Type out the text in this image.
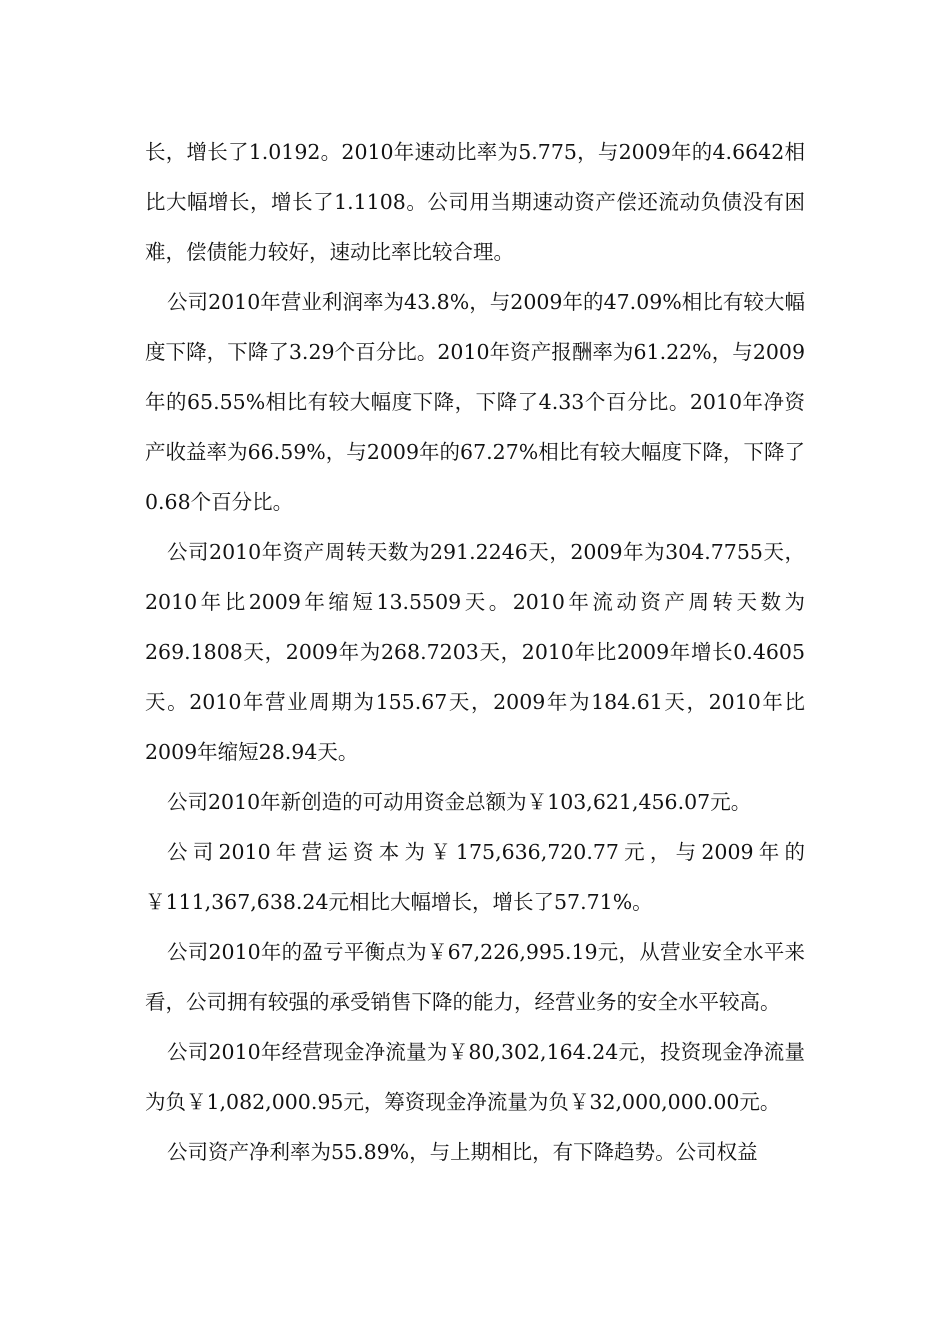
长，增长了1.0192。2010年速动比率为5.775，与2009年的4.6642相比大幅增长，增长了1.1108。公司用当期速动资产偿还流动负债没有困难，偿债能力较好，速动比率比较合理。

公司2010年营业利润率为43.8%，与2009年的47.09%相比有较大幅度下降，下降了3.29个百分比。2010年资产报酬率为61.22%，与2009年的65.55%相比有较大幅度下降，下降了4.33个百分比。2010年净资产收益率为66.59%，与2009年的67.27%相比有较大幅度下降，下降了0.68个百分比。

公司2010年资产周转天数为291.2246天，2009年为304.7755天，2010年比2009年缩短13.5509天。2010年流动资产周转天数为269.1808天，2009年为268.7203天，2010年比2009年增长0.4605天。2010年营业周期为155.67天，2009年为184.61天，2010年比2009年缩短28.94天。

公司2010年新创造的可动用资金总额为￥103,621,456.07元。

公司2010年营运资本为￥175,636,720.77元，与2009年的￥111,367,638.24元相比大幅增长，增长了57.71%。

公司2010年的盈亏平衡点为￥67,226,995.19元，从营业安全水平来看，公司拥有较强的承受销售下降的能力，经营业务的安全水平较高。

公司2010年经营现金净流量为￥80,302,164.24元，投资现金净流量为负￥1,082,000.95元，筹资现金净流量为负￥32,000,000.00元。

公司资产净利率为55.89%，与上期相比，有下降趋势。公司权益
